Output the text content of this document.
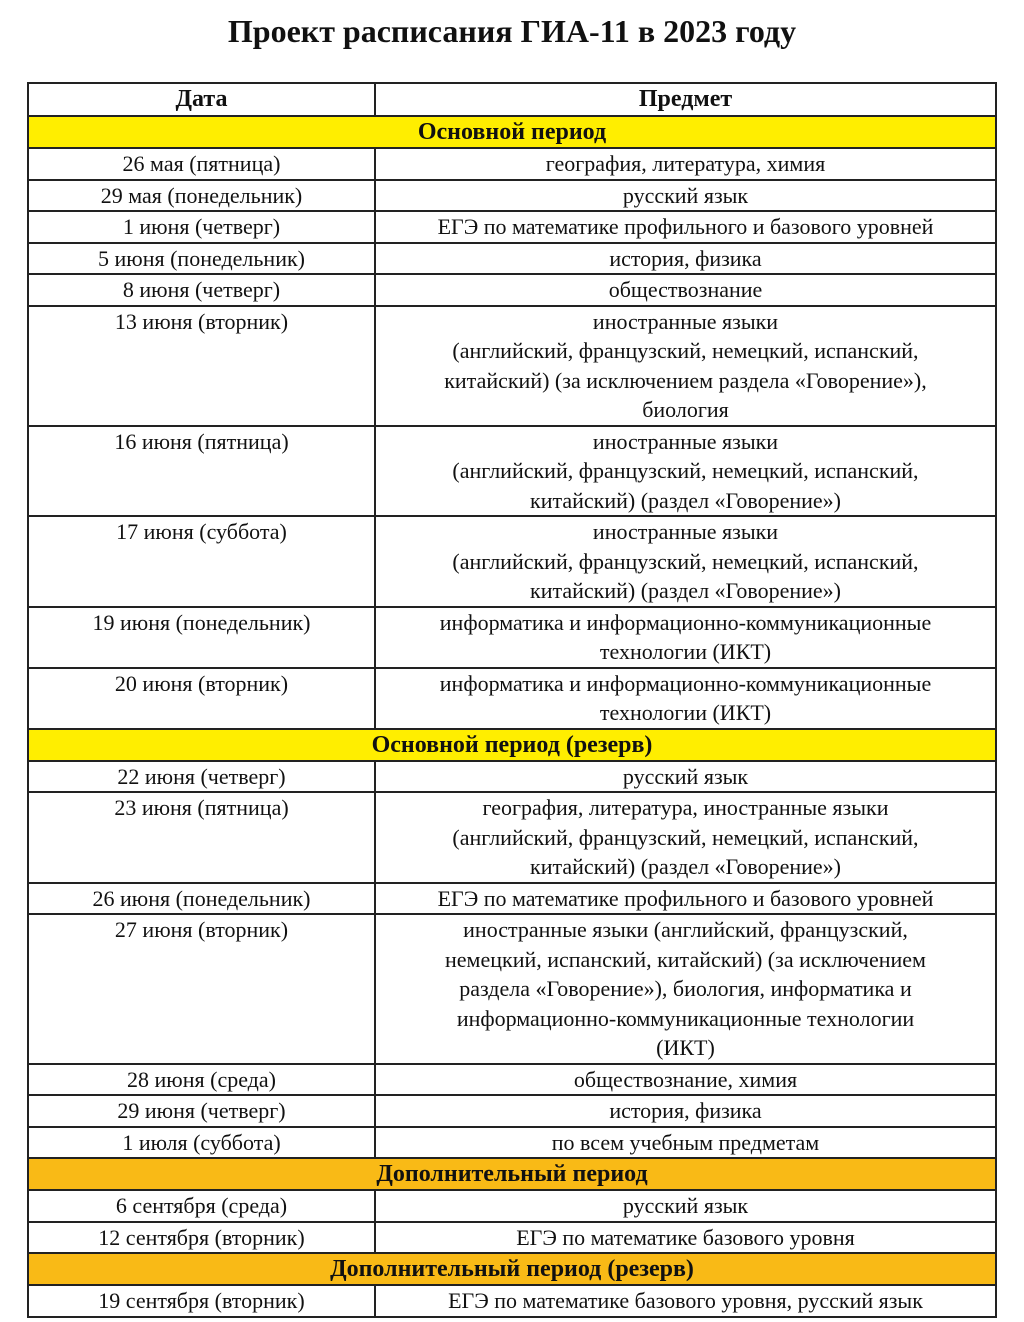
Проект расписания ГИА-11 в 2023 году
Дата	Предмет
Основной период	
26 мая (пятница)	география, литература, химия
29 мая (понедельник)	русский язык
1 июня (четверг)	ЕГЭ по математике профильного и базового уровней
5 июня (понедельник)	история, физика
8 июня (четверг)	обществознание
13 июня (вторник)	иностранные языки
(английский, французский, немецкий, испанский,
китайский) (за исключением раздела «Говорение»),
биология
16 июня (пятница)	иностранные языки
(английский, французский, немецкий, испанский,
китайский) (раздел «Говорение»)
17 июня (суббота)	иностранные языки
(английский, французский, немецкий, испанский,
китайский) (раздел «Говорение»)
19 июня (понедельник)	информатика и информационно-коммуникационные
технологии (ИКТ)
20 июня (вторник)	информатика и информационно-коммуникационные
технологии (ИКТ)
Основной период (резерв)	
22 июня (четверг)	русский язык
23 июня (пятница)	география, литература, иностранные языки
(английский, французский, немецкий, испанский,
китайский) (раздел «Говорение»)
26 июня (понедельник)	ЕГЭ по математике профильного и базового уровней
27 июня (вторник)	иностранные языки (английский, французский,
немецкий, испанский, китайский) (за исключением
раздела «Говорение»), биология, информатика и
информационно-коммуникационные технологии
(ИКТ)
28 июня (среда)	обществознание, химия
29 июня (четверг)	история, физика
1 июля (суббота)	по всем учебным предметам
Дополнительный период	
6 сентября (среда)	русский язык
12 сентября (вторник)	ЕГЭ по математике базового уровня
Дополнительный период (резерв)	
19 сентября (вторник)	ЕГЭ по математике базового уровня, русский язык
